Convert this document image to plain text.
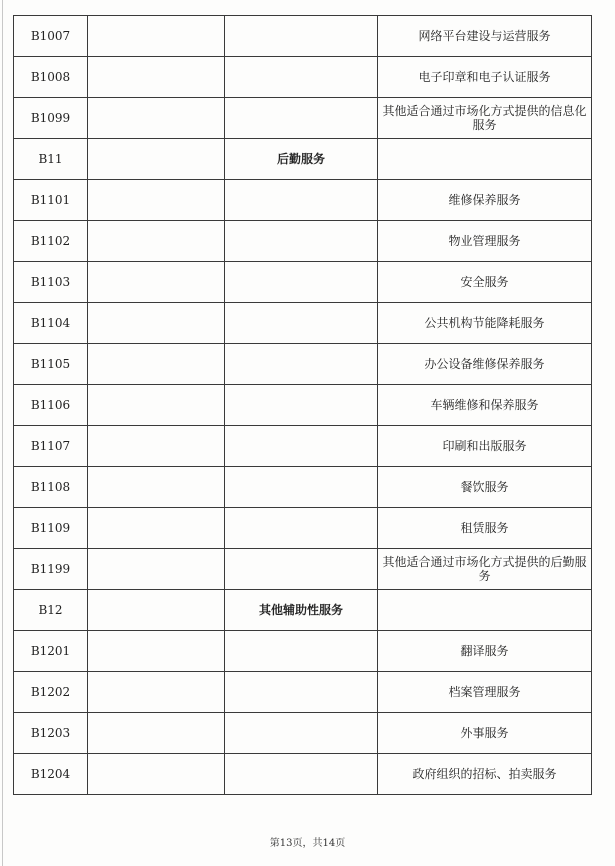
B1007			网络平台建设与运营服务
B1008			电子印章和电子认证服务
B1099			其他适合通过市场化方式提供的信息化服务
B11		后勤服务	
B1101			维修保养服务
B1102			物业管理服务
B1103			安全服务
B1104			公共机构节能降耗服务
B1105			办公设备维修保养服务
B1106			车辆维修和保养服务
B1107			印刷和出版服务
B1108			餐饮服务
B1109			租赁服务
B1199			其他适合通过市场化方式提供的后勤服务
B12		其他辅助性服务	
B1201			翻译服务
B1202			档案管理服务
B1203			外事服务
B1204			政府组织的招标、拍卖服务
第13页，共14页
